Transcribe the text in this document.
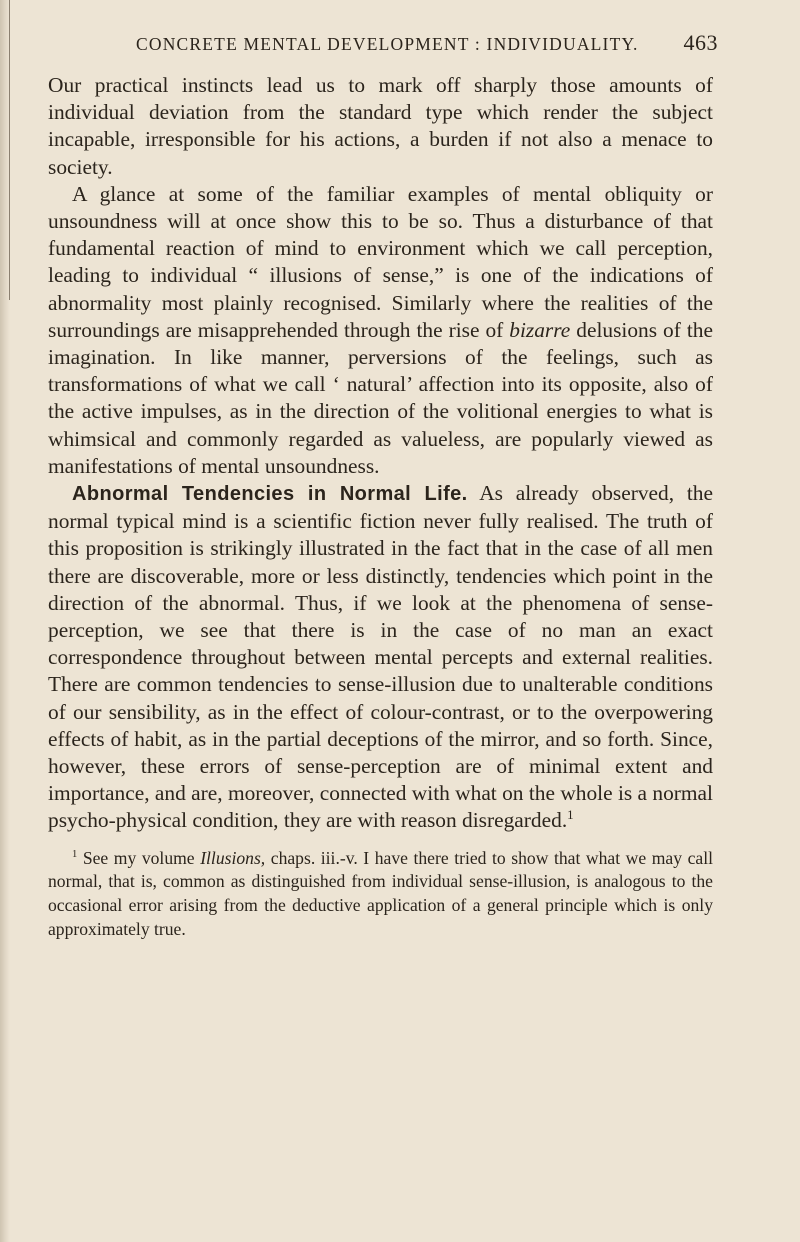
CONCRETE MENTAL DEVELOPMENT : INDIVIDUALITY. 463

Our practical instincts lead us to mark off sharply those amounts of individual deviation from the standard type which render the subject incapable, irresponsible for his actions, a burden if not also a menace to society.

A glance at some of the familiar examples of mental obliquity or unsoundness will at once show this to be so. Thus a disturbance of that fundamental reaction of mind to environment which we call perception, leading to individual “ illusions of sense,” is one of the indications of abnormality most plainly recognised. Similarly where the realities of the surroundings are misapprehended through the rise of bizarre delusions of the imagination. In like manner, perversions of the feelings, such as transformations of what we call ‘ natural’ affection into its opposite, also of the active impulses, as in the direction of the volitional energies to what is whimsical and commonly regarded as valueless, are popularly viewed as manifestations of mental unsoundness.

Abnormal Tendencies in Normal Life. As already observed, the normal typical mind is a scientific fiction never fully realised. The truth of this proposition is strikingly illustrated in the fact that in the case of all men there are discoverable, more or less distinctly, tendencies which point in the direction of the abnormal. Thus, if we look at the phenomena of sense-perception, we see that there is in the case of no man an exact correspondence throughout between mental percepts and external realities. There are common tendencies to sense-illusion due to unalterable conditions of our sensibility, as in the effect of colour-contrast, or to the overpowering effects of habit, as in the partial deceptions of the mirror, and so forth. Since, however, these errors of sense-perception are of minimal extent and importance, and are, moreover, connected with what on the whole is a normal psycho-physical condition, they are with reason disregarded.$^1$

$^1$ See my volume Illusions, chaps. iii.-v. I have there tried to show that what we may call normal, that is, common as distinguished from individual sense-illusion, is analogous to the occasional error arising from the deductive application of a general principle which is only approximately true.
